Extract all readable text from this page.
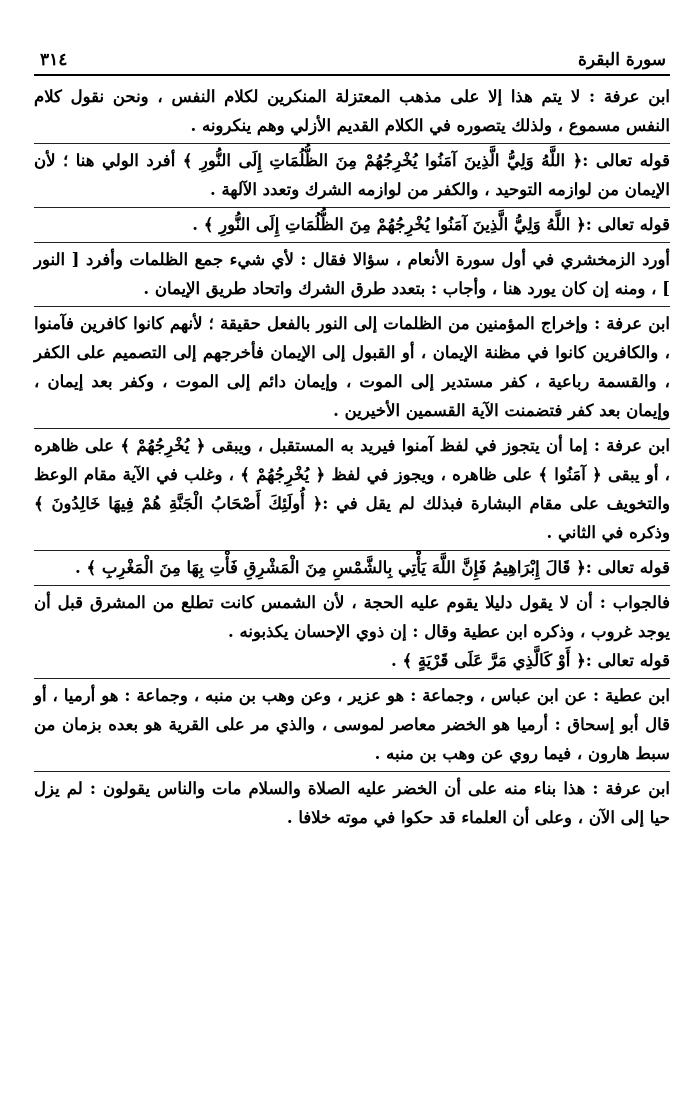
سورة البقرة
٣١٤

ابن عرفة : لا يتم هذا إلا على مذهب المعتزلة المنكرين لكلام النفس ، ونحن نقول كلام النفس مسموع ، ولذلك يتصوره في الكلام القديم الأزلي وهم ينكرونه .

قوله تعالى :﴿ اللَّهُ وَلِيُّ الَّذِينَ آمَنُوا يُخْرِجُهُمْ مِنَ الظُّلُمَاتِ إِلَى النُّورِ ﴾ أفرد الولي هنا ؛ لأن الإيمان من لوازمه التوحيد ، والكفر من لوازمه الشرك وتعدد الآلهة .

قوله تعالى :﴿ اللَّهُ وَلِيُّ الَّذِينَ آمَنُوا يُخْرِجُهُمْ مِنَ الظُّلُمَاتِ إِلَى النُّورِ ﴾ .

أورد الزمخشري في أول سورة الأنعام ، سؤالا فقال : لأي شيء جمع الظلمات وأفرد [ النور ] ، ومنه إن كان يورد هنا ، وأجاب : بتعدد طرق الشرك واتحاد طريق الإيمان .

ابن عرفة : وإخراج المؤمنين من الظلمات إلى النور بالفعل حقيقة ؛ لأنهم كانوا كافرين فآمنوا ، والكافرين كانوا في مظنة الإيمان ، أو القبول إلى الإيمان فأخرجهم إلى التصميم على الكفر ، والقسمة رباعية ، كفر مستدير إلى الموت ، وإيمان دائم إلى الموت ، وكفر بعد إيمان ، وإيمان بعد كفر فتضمنت الآية القسمين الأخيرين .

ابن عرفة : إما أن يتجوز في لفظ آمنوا فيريد به المستقبل ، ويبقى ﴿ يُخْرِجُهُمْ ﴾ على ظاهره ، أو يبقى ﴿ آمَنُوا ﴾ على ظاهره ، ويجوز في لفظ ﴿ يُخْرِجُهُمْ ﴾ ، وغلب في الآية مقام الوعظ والتخويف على مقام البشارة فبذلك لم يقل في :﴿ أُولَئِكَ أَصْحَابُ الْجَنَّةِ هُمْ فِيهَا خَالِدُونَ ﴾ وذكره في الثاني .

قوله تعالى :﴿ قَالَ إِبْرَاهِيمُ فَإِنَّ اللَّهَ يَأْتِي بِالشَّمْسِ مِنَ الْمَشْرِقِ فَأْتِ بِهَا مِنَ الْمَغْرِبِ ﴾ .

فالجواب : أن لا يقول دليلا يقوم عليه الحجة ، لأن الشمس كانت تطلع من المشرق قبل أن يوجد غروب ، وذكره ابن عطية وقال : إن ذوي الإحسان يكذبونه .

قوله تعالى :﴿ أَوْ كَالَّذِي مَرَّ عَلَى قَرْيَةٍ ﴾ .

ابن عطية : عن ابن عباس ، وجماعة : هو عزير ، وعن وهب بن منبه ، وجماعة : هو أرميا ، أو قال أبو إسحاق : أرميا هو الخضر معاصر لموسى ، والذي مر على القرية هو بعده بزمان من سبط هارون ، فيما روي عن وهب بن منبه .

ابن عرفة : هذا بناء منه على أن الخضر عليه الصلاة والسلام مات والناس يقولون : لم يزل حيا إلى الآن ، وعلى أن العلماء قد حكوا في موته خلافا .
